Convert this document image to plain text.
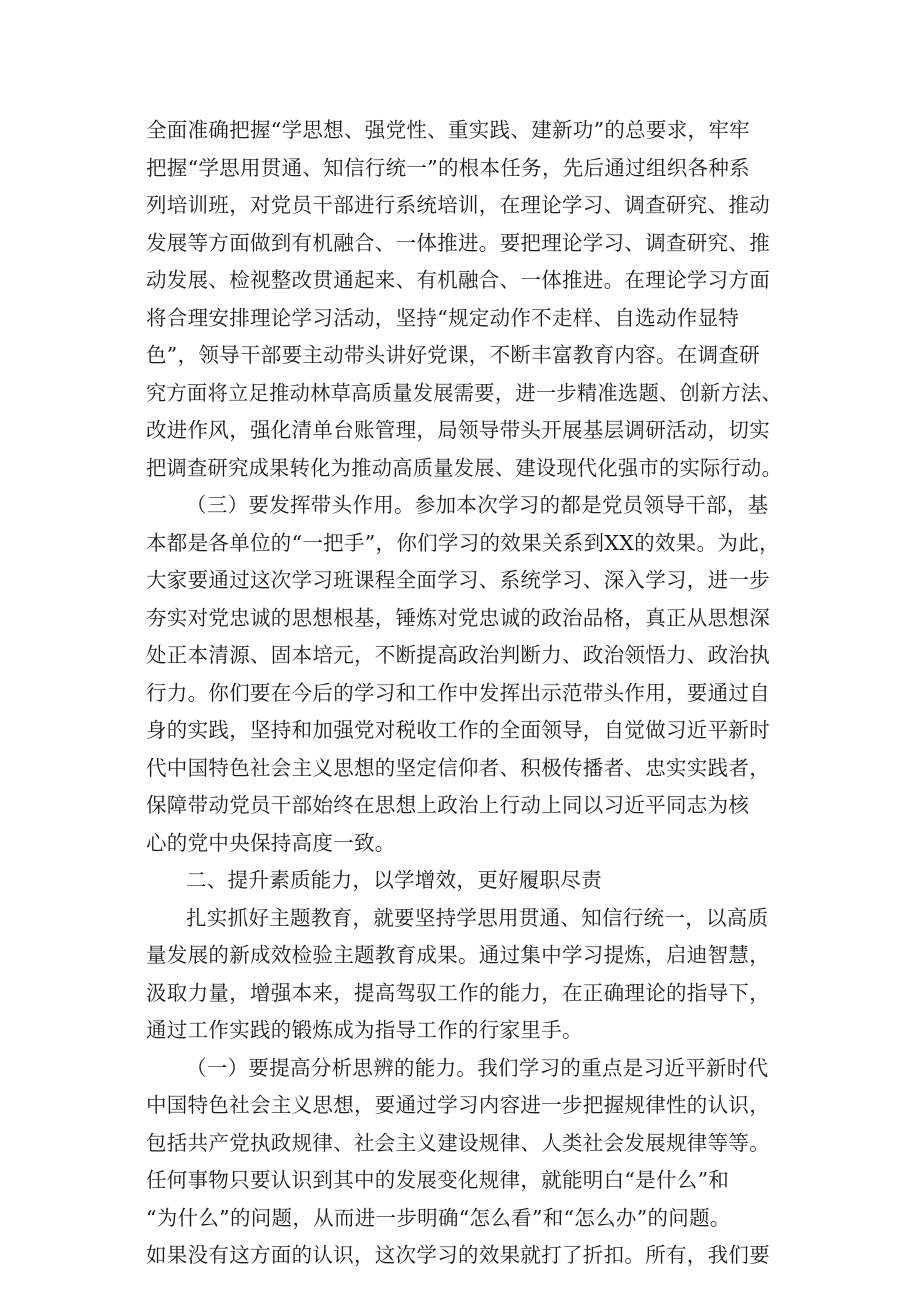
全面准确把握“学思想、强党性、重实践、建新功”的总要求，牢牢
把握“学思用贯通、知信行统一”的根本任务，先后通过组织各种系
列培训班，对党员干部进行系统培训，在理论学习、调查研究、推动
发展等方面做到有机融合、一体推进。要把理论学习、调查研究、推
动发展、检视整改贯通起来、有机融合、一体推进。在理论学习方面
将合理安排理论学习活动，坚持“规定动作不走样、自选动作显特
色”，领导干部要主动带头讲好党课，不断丰富教育内容。在调查研
究方面将立足推动林草高质量发展需要，进一步精准选题、创新方法、
改进作风，强化清单台账管理，局领导带头开展基层调研活动，切实
把调查研究成果转化为推动高质量发展、建设现代化强市的实际行动。
（三）要发挥带头作用。参加本次学习的都是党员领导干部，基
本都是各单位的“一把手”，你们学习的效果关系到XX的效果。为此，
大家要通过这次学习班课程全面学习、系统学习、深入学习，进一步
夯实对党忠诚的思想根基，锤炼对党忠诚的政治品格，真正从思想深
处正本清源、固本培元，不断提高政治判断力、政治领悟力、政治执
行力。你们要在今后的学习和工作中发挥出示范带头作用，要通过自
身的实践，坚持和加强党对税收工作的全面领导，自觉做习近平新时
代中国特色社会主义思想的坚定信仰者、积极传播者、忠实实践者，
保障带动党员干部始终在思想上政治上行动上同以习近平同志为核
心的党中央保持高度一致。
二、提升素质能力，以学增效，更好履职尽责
扎实抓好主题教育，就要坚持学思用贯通、知信行统一，以高质
量发展的新成效检验主题教育成果。通过集中学习提炼，启迪智慧，
汲取力量，增强本来，提高驾驭工作的能力，在正确理论的指导下，
通过工作实践的锻炼成为指导工作的行家里手。
（一）要提高分析思辨的能力。我们学习的重点是习近平新时代
中国特色社会主义思想，要通过学习内容进一步把握规律性的认识，
包括共产党执政规律、社会主义建设规律、人类社会发展规律等等。
任何事物只要认识到其中的发展变化规律，就能明白“是什么”和
“为什么”的问题，从而进一步明确“怎么看”和“怎么办”的问题。
如果没有这方面的认识，这次学习的效果就打了折扣。所有，我们要
